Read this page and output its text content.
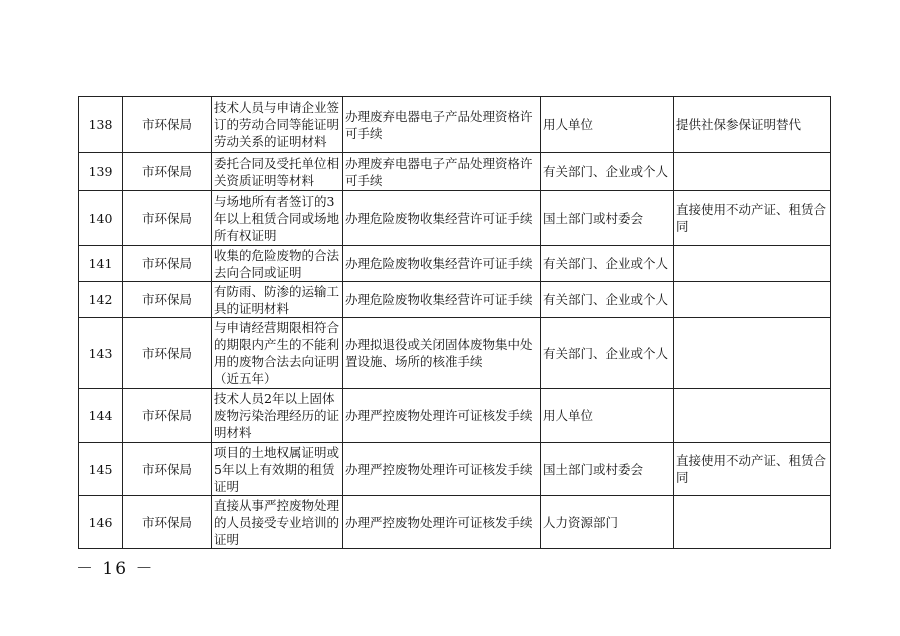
138	市环保局	技术人员与申请企业签订的劳动合同等能证明劳动关系的证明材料	办理废弃电器电子产品处理资格许可手续	用人单位	提供社保参保证明替代
139	市环保局	委托合同及受托单位相关资质证明等材料	办理废弃电器电子产品处理资格许可手续	有关部门、企业或个人	
140	市环保局	与场地所有者签订的3年以上租赁合同或场地所有权证明	办理危险废物收集经营许可证手续	国土部门或村委会	直接使用不动产证、租赁合同
141	市环保局	收集的危险废物的合法去向合同或证明	办理危险废物收集经营许可证手续	有关部门、企业或个人	
142	市环保局	有防雨、防渗的运输工具的证明材料	办理危险废物收集经营许可证手续	有关部门、企业或个人	
143	市环保局	与申请经营期限相符合的期限内产生的不能利用的废物合法去向证明（近五年）	办理拟退役或关闭固体废物集中处置设施、场所的核准手续	有关部门、企业或个人	
144	市环保局	技术人员2年以上固体废物污染治理经历的证明材料	办理严控废物处理许可证核发手续	用人单位	
145	市环保局	项目的土地权属证明或5年以上有效期的租赁证明	办理严控废物处理许可证核发手续	国土部门或村委会	直接使用不动产证、租赁合同
146	市环保局	直接从事严控废物处理的人员接受专业培训的证明	办理严控废物处理许可证核发手续	人力资源部门	
－ 16 －
